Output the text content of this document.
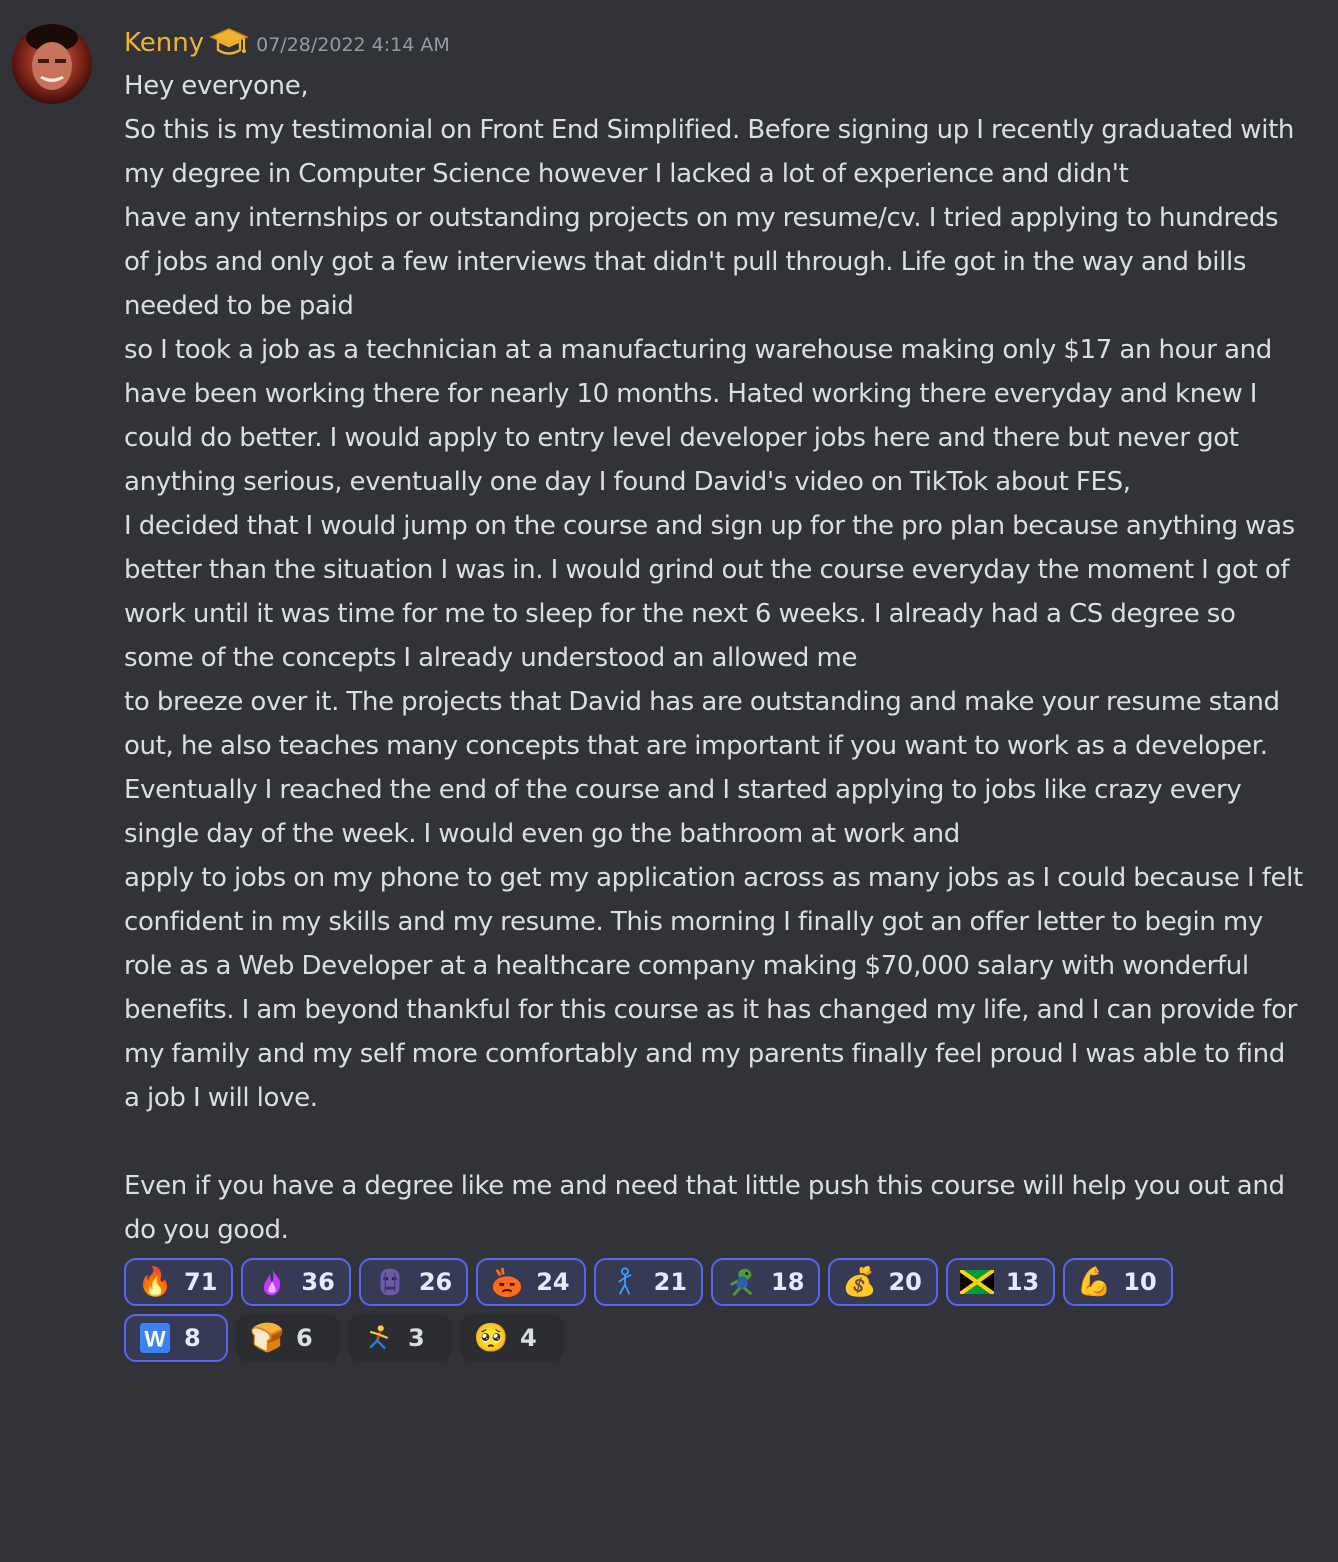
Kenny	07/28/2022 4:14 AM
Hey everyone,
So this is my testimonial on Front End Simplified. Before signing up I recently graduated with my degree in Computer Science however I lacked a lot of experience and didn't
have any internships or outstanding projects on my resume/cv. I tried applying to hundreds of jobs and only got a few interviews that didn't pull through. Life got in the way and bills needed to be paid
so I took a job as a technician at a manufacturing warehouse making only $17 an hour and have been working there for nearly 10 months. Hated working there everyday and knew I could do better. I would apply to entry level developer jobs here and there but never got anything serious, eventually one day I found David's video on TikTok about FES,
I decided that I would jump on the course and sign up for the pro plan because anything was better than the situation I was in. I would grind out the course everyday the moment I got of work until it was time for me to sleep for the next 6 weeks. I already had a CS degree so some of the concepts I already understood an allowed me
to breeze over it. The projects that David has are outstanding and make your resume stand out, he also teaches many concepts that are important if you want to work as a developer. Eventually I reached the end of the course and I started applying to jobs like crazy every single day of the week. I would even go the bathroom at work and
apply to jobs on my phone to get my application across as many jobs as I could because I felt confident in my skills and my resume. This morning I finally got an offer letter to begin my role as a Web Developer at a healthcare company making $70,000 salary with wonderful benefits. I am beyond thankful for this course as it has changed my life, and I can provide for my family and my self more comfortably and my parents finally feel proud I was able to find a job I will love.

Even if you have a degree like me and need that little push this course will help you out and do you good.
🔥 71	36	26	24	21	18 💰 20	13 💪 10
W 8	🍞 6	3	🥺 4
